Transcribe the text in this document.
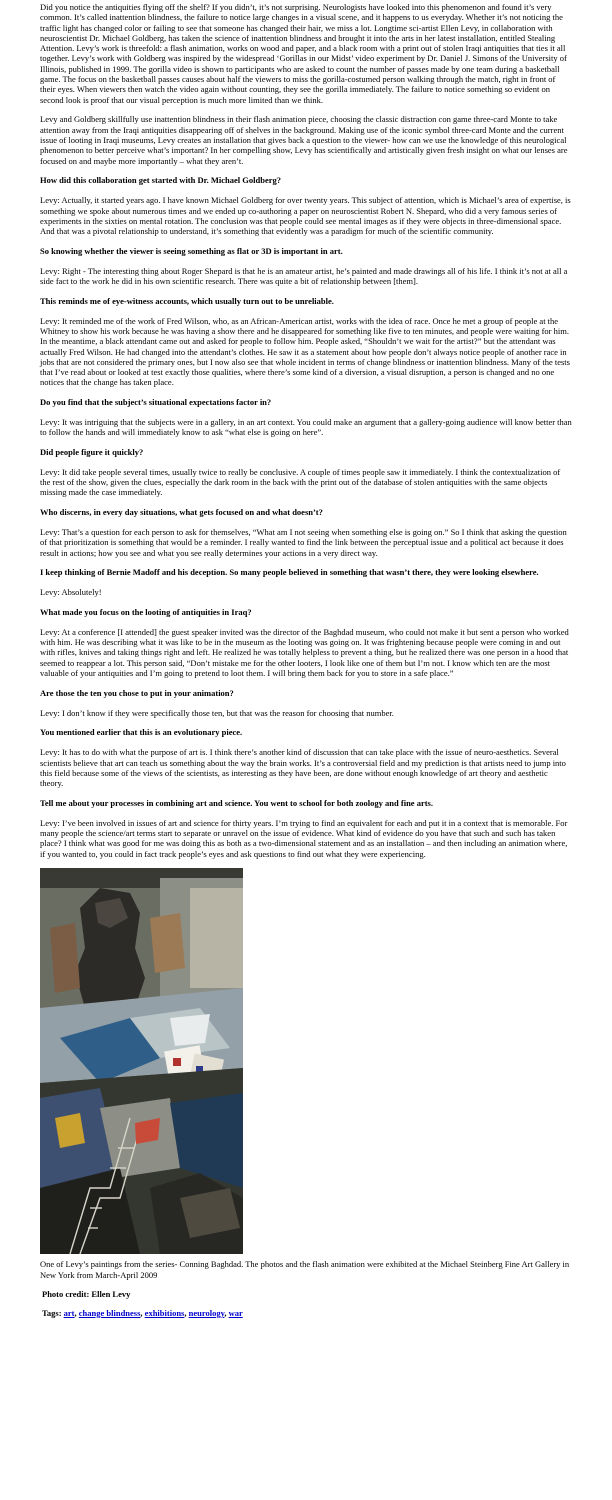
Did you notice the antiquities flying off the shelf? If you didn’t, it’s not surprising. Neurologists have looked into this phenomenon and found it’s very common. It’s called inattention blindness, the failure to notice large changes in a visual scene, and it happens to us everyday. Whether it’s not noticing the traffic light has changed color or failing to see that someone has changed their hair, we miss a lot. Longtime sci-artist Ellen Levy, in collaboration with neuroscientist Dr. Michael Goldberg, has taken the science of inattention blindness and brought it into the arts in her latest installation, entitled Stealing Attention. Levy’s work is threefold: a flash animation, works on wood and paper, and a black room with a print out of stolen Iraqi antiquities that ties it all together. Levy’s work with Goldberg was inspired by the widespread ‘Gorillas in our Midst’ video experiment by Dr. Daniel J. Simons of the University of Illinois, published in 1999. The gorilla video is shown to participants who are asked to count the number of passes made by one team during a basketball game. The focus on the basketball passes causes about half the viewers to miss the gorilla-costumed person walking through the match, right in front of their eyes. When viewers then watch the video again without counting, they see the gorilla immediately. The failure to notice something so evident on second look is proof that our visual perception is much more limited than we think.

Levy and Goldberg skillfully use inattention blindness in their flash animation piece, choosing the classic distraction con game three-card Monte to take attention away from the Iraqi antiquities disappearing off of shelves in the background. Making use of the iconic symbol three-card Monte and the current issue of looting in Iraqi museums, Levy creates an installation that gives back a question to the viewer- how can we use the knowledge of this neurological phenomenon to better perceive what’s important? In her compelling show, Levy has scientifically and artistically given fresh insight on what our lenses are focused on and maybe more importantly – what they aren’t.

How did this collaboration get started with Dr. Michael Goldberg?

Levy: Actually, it started years ago. I have known Michael Goldberg for over twenty years. This subject of attention, which is Michael’s area of expertise, is something we spoke about numerous times and we ended up co-authoring a paper on neuroscientist Robert N. Shepard, who did a very famous series of experiments in the sixties on mental rotation. The conclusion was that people could see mental images as if they were objects in three-dimensional space. And that was a pivotal relationship to understand, it’s something that evidently was a paradigm for much of the scientific community.

So knowing whether the viewer is seeing something as flat or 3D is important in art.

Levy: Right - The interesting thing about Roger Shepard is that he is an amateur artist, he’s painted and made drawings all of his life. I think it’s not at all a side fact to the work he did in his own scientific research. There was quite a bit of relationship between [them].

This reminds me of eye-witness accounts, which usually turn out to be unreliable.

Levy: It reminded me of the work of Fred Wilson, who, as an African-American artist, works with the idea of race. Once he met a group of people at the Whitney to show his work because he was having a show there and he disappeared for something like five to ten minutes, and people were waiting for him. In the meantime, a black attendant came out and asked for people to follow him. People asked, “Shouldn’t we wait for the artist?” but the attendant was actually Fred Wilson. He had changed into the attendant’s clothes. He saw it as a statement about how people don’t always notice people of another race in jobs that are not considered the primary ones, but I now also see that whole incident in terms of change blindness or inattention blindness. Many of the tests that I’ve read about or looked at test exactly those qualities, where there’s some kind of a diversion, a visual disruption, a person is changed and no one notices that the change has taken place.

Do you find that the subject’s situational expectations factor in?

Levy: It was intriguing that the subjects were in a gallery, in an art context. You could make an argument that a gallery-going audience will know better than to follow the hands and will immediately know to ask “what else is going on here”.

Did people figure it quickly?

Levy: It did take people several times, usually twice to really be conclusive. A couple of times people saw it immediately. I think the contextualization of the rest of the show, given the clues, especially the dark room in the back with the print out of the database of stolen antiquities with the same objects missing made the case immediately.

Who discerns, in every day situations, what gets focused on and what doesn’t?

Levy: That’s a question for each person to ask for themselves, “What am I not seeing when something else is going on.” So I think that asking the question of that prioritization is something that would be a reminder. I really wanted to find the link between the perceptual issue and a political act because it does result in actions; how you see and what you see really determines your actions in a very direct way.

I keep thinking of Bernie Madoff and his deception. So many people believed in something that wasn’t there, they were looking elsewhere.

Levy: Absolutely!

What made you focus on the looting of antiquities in Iraq?

Levy: At a conference [I attended] the guest speaker invited was the director of the Baghdad museum, who could not make it but sent a person who worked with him. He was describing what it was like to be in the museum as the looting was going on. It was frightening because people were coming in and out with rifles, knives and taking things right and left. He realized he was totally helpless to prevent a thing, but he realized there was one person in a hood that seemed to reappear a lot. This person said, “Don’t mistake me for the other looters, I look like one of them but I’m not. I know which ten are the most valuable of your antiquities and I’m going to pretend to loot them. I will bring them back for you to store in a safe place.”

Are those the ten you chose to put in your animation?

Levy: I don’t know if they were specifically those ten, but that was the reason for choosing that number.

You mentioned earlier that this is an evolutionary piece.

Levy: It has to do with what the purpose of art is. I think there’s another kind of discussion that can take place with the issue of neuro-aesthetics. Several scientists believe that art can teach us something about the way the brain works. It’s a controversial field and my prediction is that artists need to jump into this field because some of the views of the scientists, as interesting as they have been, are done without enough knowledge of art theory and aesthetic theory.

Tell me about your processes in combining art and science. You went to school for both zoology and fine arts.

Levy: I’ve been involved in issues of art and science for thirty years. I’m trying to find an equivalent for each and put it in a context that is memorable. For many people the science/art terms start to separate or unravel on the issue of evidence. What kind of evidence do you have that such and such has taken place? I think what was good for me was doing this as both as a two-dimensional statement and as an installation – and then including an animation where, if you wanted to, you could in fact track people’s eyes and ask questions to find out what they were experiencing.

One of Levy’s paintings from the series- Conning Baghdad. The photos and the flash animation were exhibited at the Michael Steinberg Fine Art Gallery in New York from March-April 2009
Photo credit: Ellen Levy
Tags: art, change blindness, exhibitions, neurology, war
